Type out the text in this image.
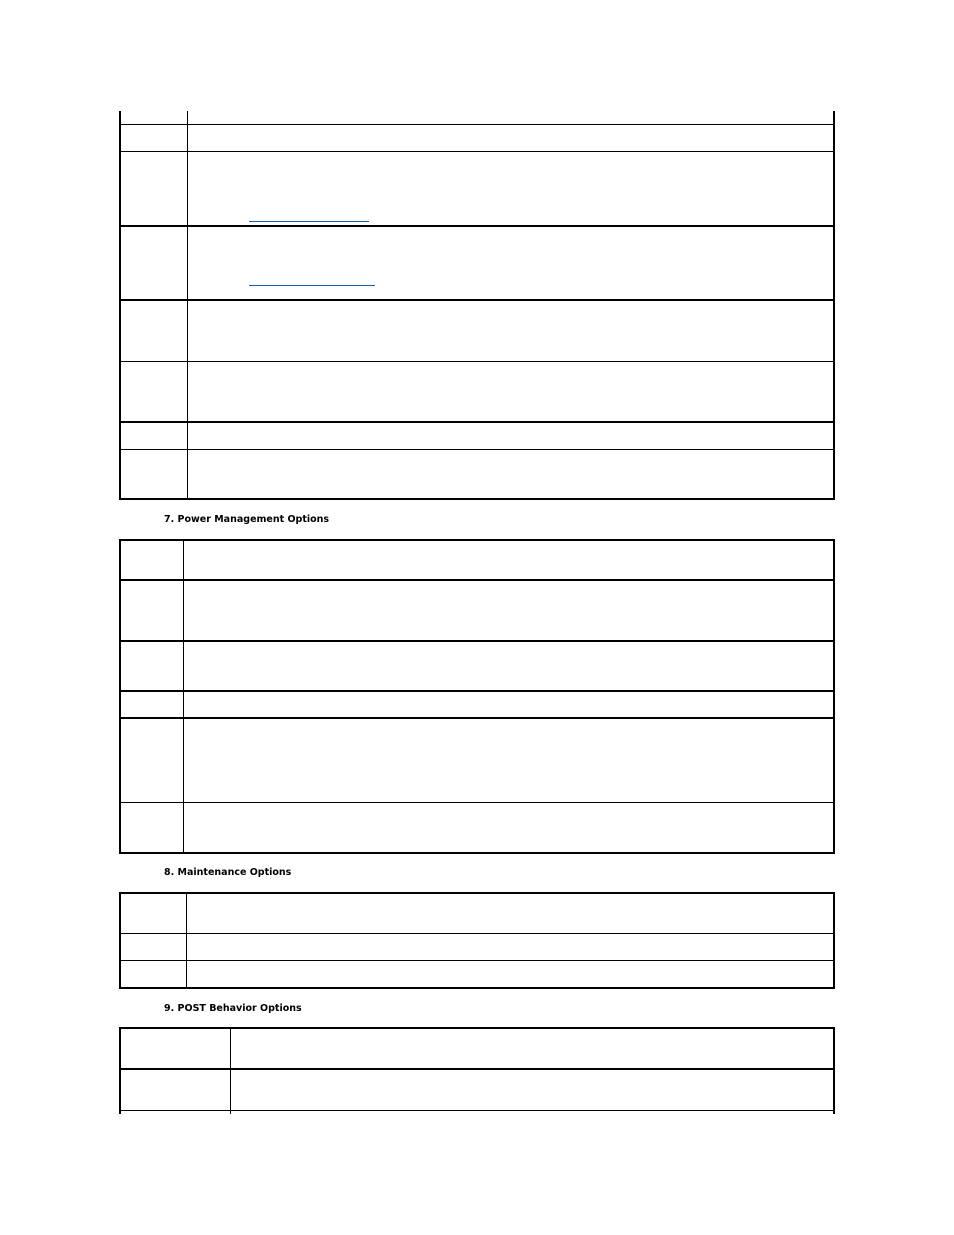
7. Power Management Options
8. Maintenance Options
9. POST Behavior Options
